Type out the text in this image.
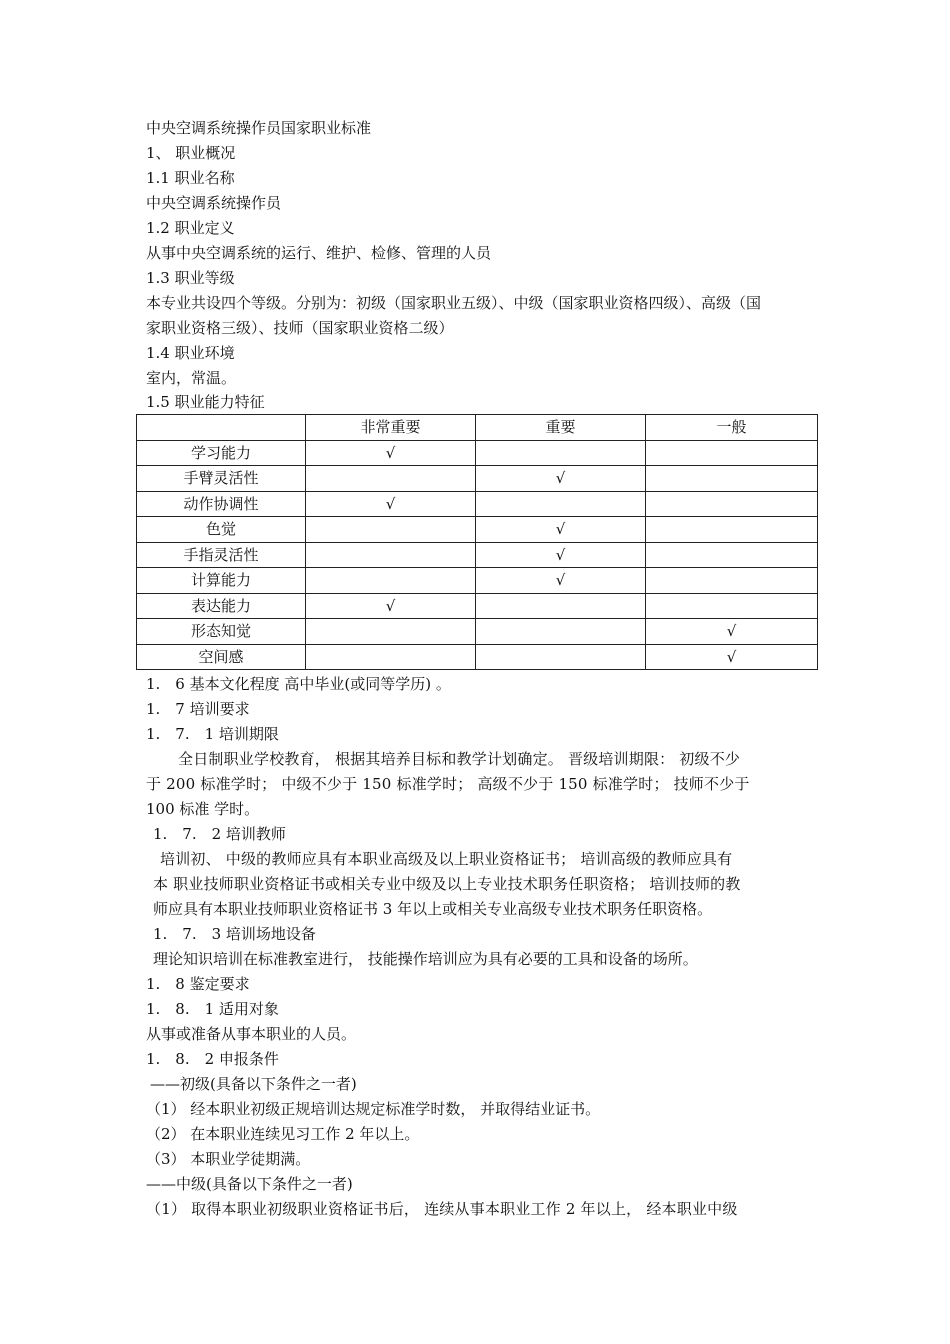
中央空调系统操作员国家职业标准
1、 职业概况
1.1 职业名称
中央空调系统操作员
1.2 职业定义
从事中央空调系统的运行、维护、检修、管理的人员
1.3 职业等级
本专业共设四个等级。分别为：初级（国家职业五级）、中级（国家职业资格四级）、高级（国
家职业资格三级）、技师（国家职业资格二级）
1.4 职业环境
室内，常温。
1.5 职业能力特征
	非常重要	重要	一般
学习能力	√		
手臂灵活性		√	
动作协调性	√		
色觉		√	
手指灵活性		√	
计算能力		√	
表达能力	√		
形态知觉			√
空间感			√
1.　6 基本文化程度 高中毕业(或同等学历) 。
1.　7 培训要求
1.　7.　1 培训期限
全日制职业学校教育， 根据其培养目标和教学计划确定。 晋级培训期限： 初级不少
于 200 标准学时； 中级不少于 150 标准学时； 高级不少于 150 标准学时； 技师不少于
100 标准 学时。
1.　7.　2 培训教师
培训初、 中级的教师应具有本职业高级及以上职业资格证书； 培训高级的教师应具有
本 职业技师职业资格证书或相关专业中级及以上专业技术职务任职资格； 培训技师的教
师应具有本职业技师职业资格证书 3 年以上或相关专业高级专业技术职务任职资格。
1.　7.　3 培训场地设备
理论知识培训在标准教室进行， 技能操作培训应为具有必要的工具和设备的场所。
1.　8 鉴定要求
1.　8.　1 适用对象
从事或准备从事本职业的人员。
1.　8.　2 申报条件
——初级(具备以下条件之一者)
（1） 经本职业初级正规培训达规定标准学时数， 并取得结业证书。
（2） 在本职业连续见习工作 2 年以上。
（3） 本职业学徒期满。
——中级(具备以下条件之一者)
（1） 取得本职业初级职业资格证书后， 连续从事本职业工作 2 年以上， 经本职业中级
